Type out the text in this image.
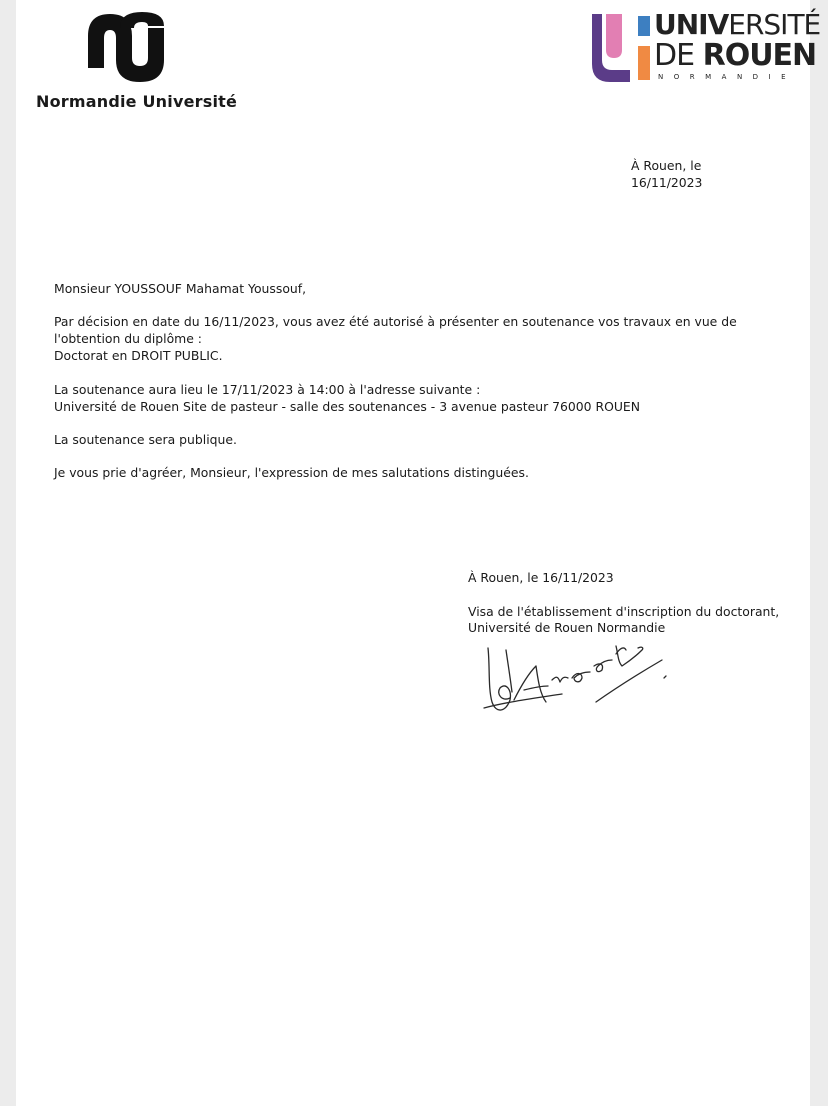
Normandie Université
UNIVERSITÉ
DE ROUEN
NORMANDIE
À Rouen, le
16/11/2023
Monsieur YOUSSOUF Mahamat Youssouf,
Par décision en date du 16/11/2023, vous avez été autorisé à présenter en soutenance vos travaux en vue de
l'obtention du diplôme :
Doctorat en DROIT PUBLIC.
La soutenance aura lieu le 17/11/2023 à 14:00 à l'adresse suivante :
Université de Rouen Site de pasteur - salle des soutenances - 3 avenue pasteur 76000 ROUEN
La soutenance sera publique.
Je vous prie d'agréer, Monsieur, l'expression de mes salutations distinguées.
À Rouen, le 16/11/2023
Visa de l'établissement d'inscription du doctorant,
Université de Rouen Normandie
